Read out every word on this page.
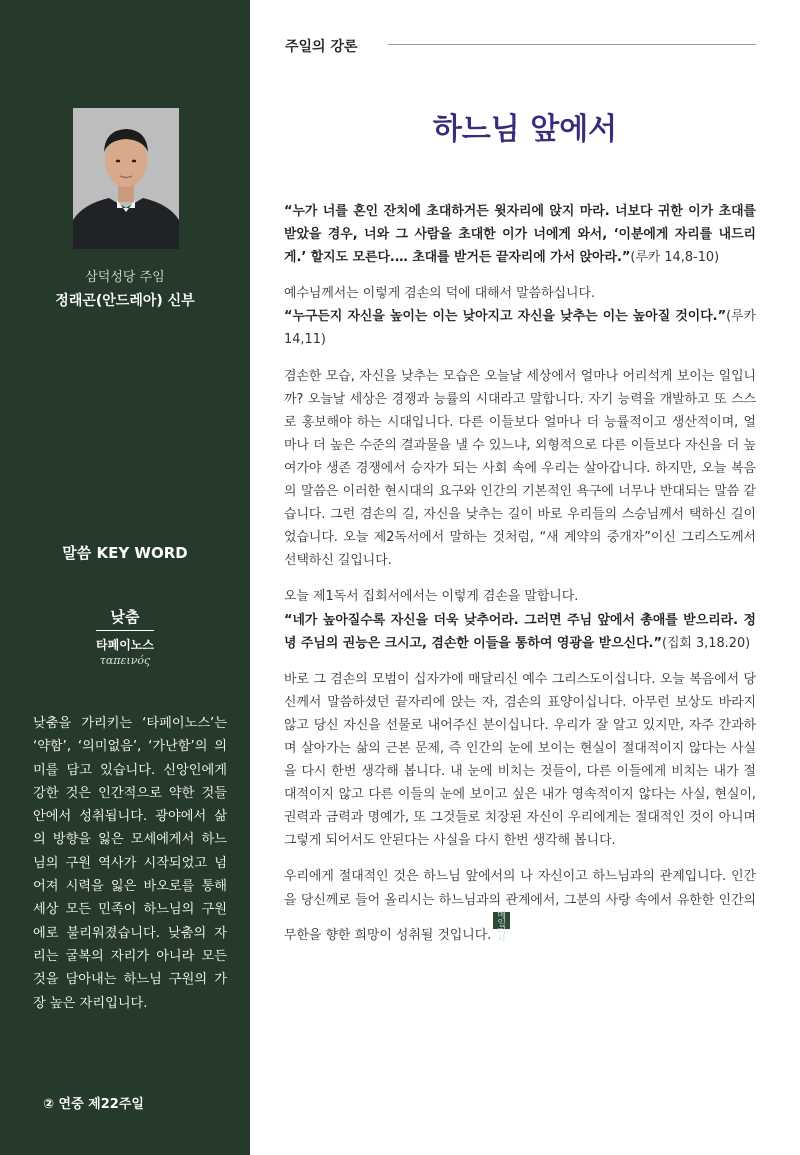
삼덕성당 주임
정래곤(안드레아) 신부
말씀 KEY WORD
낮춤
타페이노스
ταπεινός
낮춤을 가리키는 ‘타페이노스’는 ‘약함’, ‘의미없음’, ‘가난함’의 의미를 담고 있습니다. 신앙인에게 강한 것은 인간적으로 약한 것들 안에서 성취됩니다. 광야에서 삶의 방향을 잃은 모세에게서 하느님의 구원 역사가 시작되었고 넘어져 시력을 잃은 바오로를 통해 세상 모든 민족이 하느님의 구원에로 불리워졌습니다. 낮춤의 자리는 굴복의 자리가 아니라 모든 것을 담아내는 하느님 구원의 가장 높은 자리입니다.
② 연중 제22주일
주일의 강론
하느님 앞에서

“누가 너를 혼인 잔치에 초대하거든 윗자리에 앉지 마라. 너보다 귀한 이가 초대를 받았을 경우, 너와 그 사람을 초대한 이가 너에게 와서, ‘이분에게 자리를 내드리게.’ 할지도 모른다.… 초대를 받거든 끝자리에 가서 앉아라.”(루카 14,8-10)

예수님께서는 이렇게 겸손의 덕에 대해서 말씀하십니다.
“누구든지 자신을 높이는 이는 낮아지고 자신을 낮추는 이는 높아질 것이다.”(루카 14,11)

겸손한 모습, 자신을 낮추는 모습은 오늘날 세상에서 얼마나 어리석게 보이는 일입니까? 오늘날 세상은 경쟁과 능률의 시대라고 말합니다. 자기 능력을 개발하고 또 스스로 홍보해야 하는 시대입니다. 다른 이들보다 얼마나 더 능률적이고 생산적이며, 얼마나 더 높은 수준의 결과물을 낼 수 있느냐, 외형적으로 다른 이들보다 자신을 더 높여가야 생존 경쟁에서 승자가 되는 사회 속에 우리는 살아갑니다. 하지만, 오늘 복음의 말씀은 이러한 현시대의 요구와 인간의 기본적인 욕구에 너무나 반대되는 말씀 같습니다. 그런 겸손의 길, 자신을 낮추는 길이 바로 우리들의 스승님께서 택하신 길이었습니다. 오늘 제2독서에서 말하는 것처럼, “새 계약의 중개자”이신 그리스도께서 선택하신 길입니다.

오늘 제1독서 집회서에서는 이렇게 겸손을 말합니다.
“네가 높아질수록 자신을 더욱 낮추어라. 그러면 주님 앞에서 총애를 받으리라. 정녕 주님의 권능은 크시고, 겸손한 이들을 통하여 영광을 받으신다.”(집회 3,18.20)

바로 그 겸손의 모범이 십자가에 매달리신 예수 그리스도이십니다. 오늘 복음에서 당신께서 말씀하셨던 끝자리에 앉는 자, 겸손의 표양이십니다. 아무런 보상도 바라지 않고 당신 자신을 선물로 내어주신 분이십니다. 우리가 잘 알고 있지만, 자주 간과하며 살아가는 삶의 근본 문제, 즉 인간의 눈에 보이는 현실이 절대적이지 않다는 사실을 다시 한번 생각해 봅니다. 내 눈에 비치는 것들이, 다른 이들에게 비치는 내가 절대적이지 않고 다른 이들의 눈에 보이고 싶은 내가 영속적이지 않다는 사실, 현실이, 권력과 금력과 명예가, 또 그것들로 치장된 자신이 우리에게는 절대적인 것이 아니며 그렇게 되어서도 안된다는 사실을 다시 한번 생각해 봅니다.

우리에게 절대적인 것은 하느님 앞에서의 나 자신이고 하느님과의 관계입니다. 인간을 당신께로 들어 올리시는 하느님과의 관계에서, 그분의 사랑 속에서 유한한 인간의 무한을 향한 희망이 성취될 것입니다.매일미사
